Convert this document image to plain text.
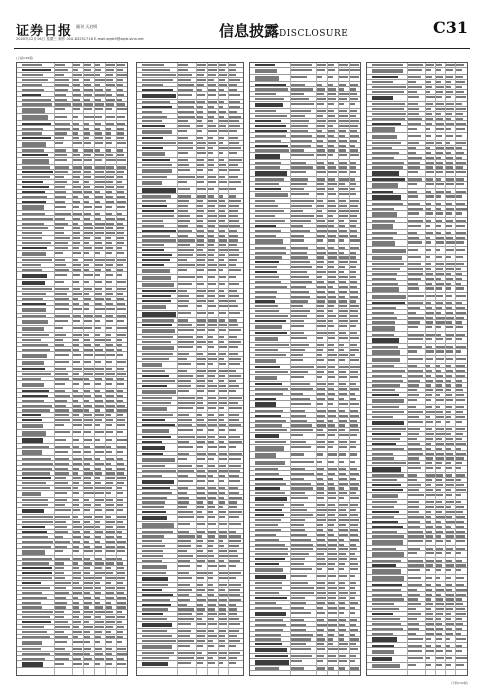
证券日报 副刊 天启明
2020年12月16日 星期三 制作 010-83251716 E-mail:zqrb9@zqrb.sina.net	信息披露DISCLOSURE	C31
(上接C30版)
(下转C32版)
